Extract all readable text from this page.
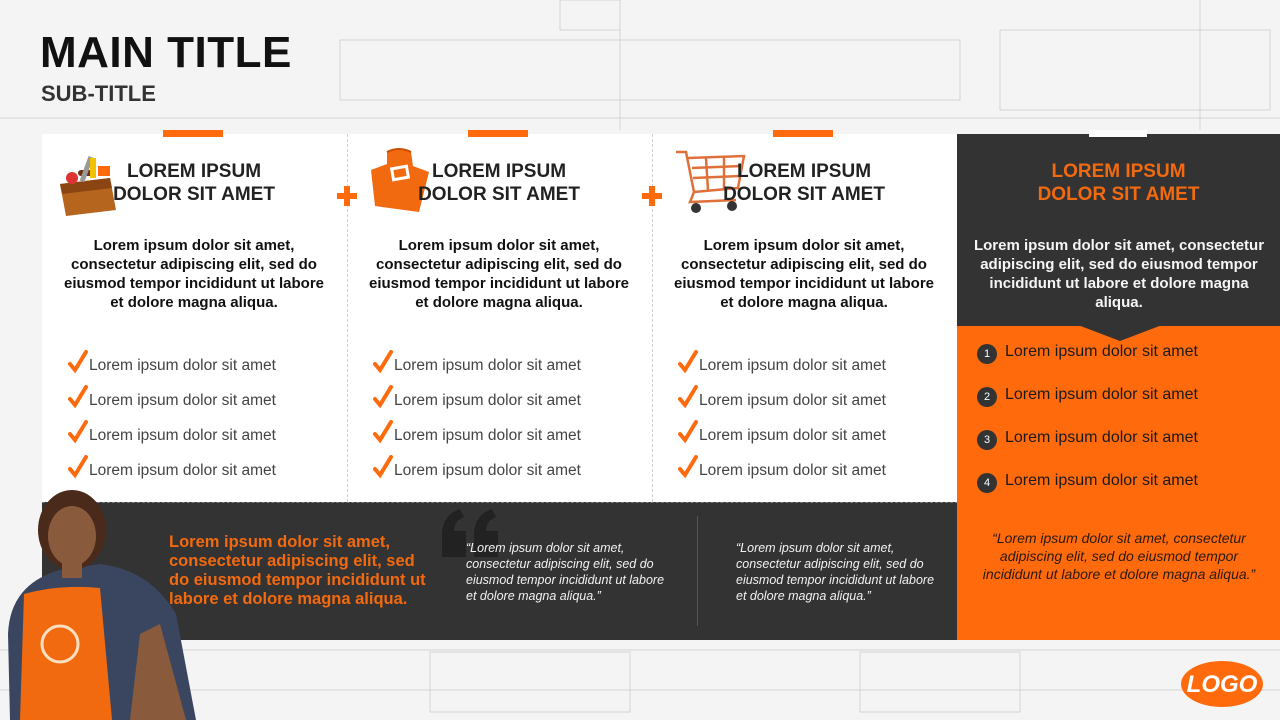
MAIN TITLE
SUB-TITLE
LOREM IPSUM
DOLOR SIT AMET
Lorem ipsum dolor sit amet, consectetur adipiscing elit, sed do eiusmod tempor incididunt ut labore et dolore magna aliqua.
Lorem ipsum dolor sit amet
Lorem ipsum dolor sit amet
Lorem ipsum dolor sit amet
Lorem ipsum dolor sit amet
LOREM IPSUM
DOLOR SIT AMET
Lorem ipsum dolor sit amet, consectetur adipiscing elit, sed do eiusmod tempor incididunt ut labore et dolore magna aliqua.
Lorem ipsum dolor sit amet
Lorem ipsum dolor sit amet
Lorem ipsum dolor sit amet
Lorem ipsum dolor sit amet
LOREM IPSUM
DOLOR SIT AMET
Lorem ipsum dolor sit amet, consectetur adipiscing elit, sed do eiusmod tempor incididunt ut labore et dolore magna aliqua.
Lorem ipsum dolor sit amet
Lorem ipsum dolor sit amet
Lorem ipsum dolor sit amet
Lorem ipsum dolor sit amet
Lorem ipsum dolor sit amet, consectetur adipiscing elit, sed do eiusmod tempor incididunt ut labore et dolore magna aliqua.
“Lorem ipsum dolor sit amet, consectetur adipiscing elit, sed do eiusmod tempor incididunt ut labore et dolore magna aliqua.”
“Lorem ipsum dolor sit amet, consectetur adipiscing elit, sed do eiusmod tempor incididunt ut labore et dolore magna aliqua.”
LOREM IPSUM
DOLOR SIT AMET
Lorem ipsum dolor sit amet, consectetur adipiscing elit, sed do eiusmod tempor incididunt ut labore et dolore magna aliqua.
1 Lorem ipsum dolor sit amet
2 Lorem ipsum dolor sit amet
3 Lorem ipsum dolor sit amet
4 Lorem ipsum dolor sit amet
“Lorem ipsum dolor sit amet, consectetur adipiscing elit, sed do eiusmod tempor incididunt ut labore et dolore magna aliqua.”
LOGO
